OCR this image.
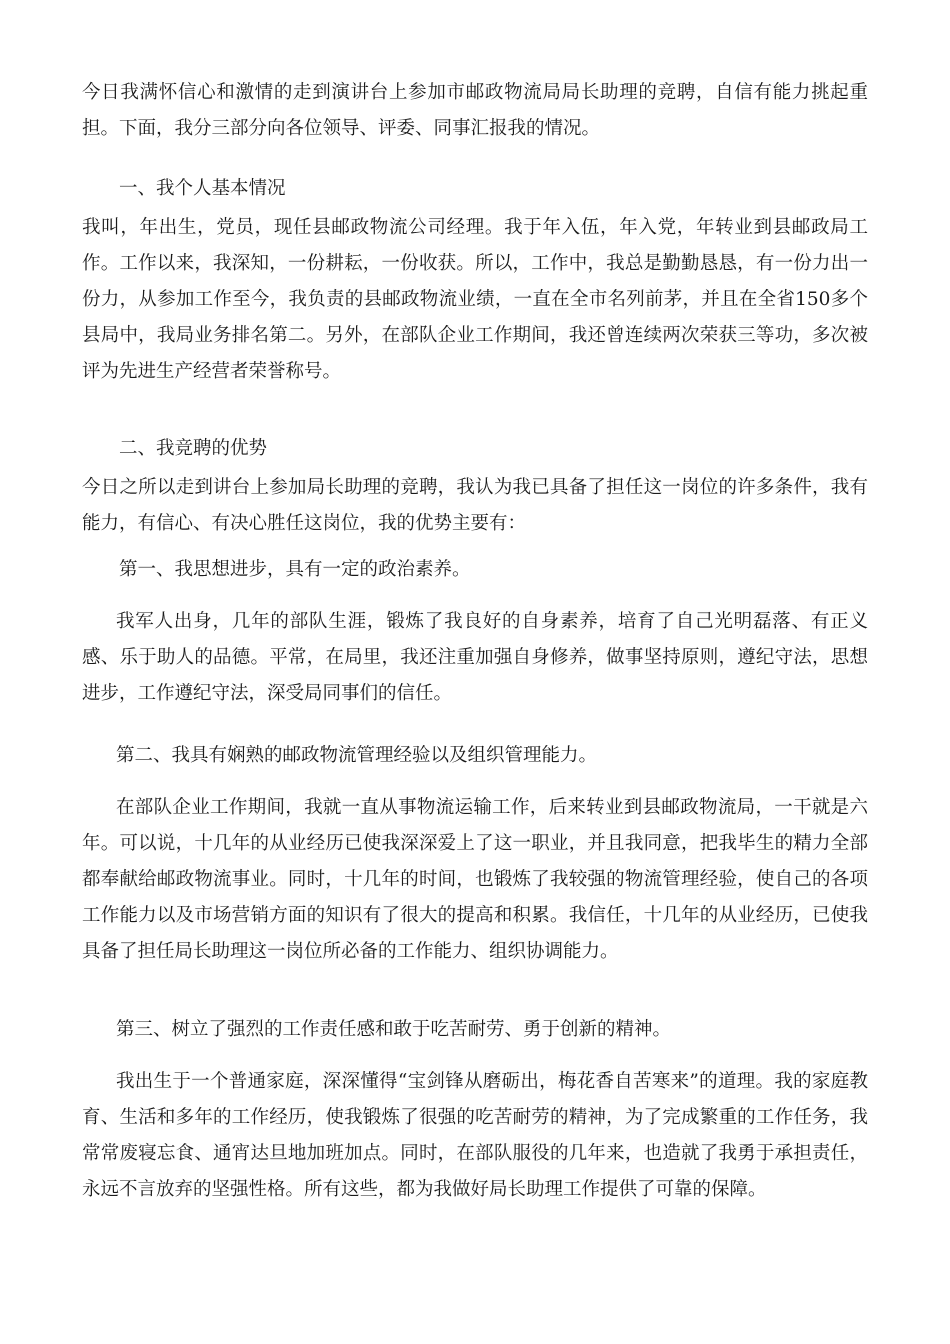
今日我满怀信心和激情的走到演讲台上参加市邮政物流局局长助理的竞聘，自信有能力挑起重担。下面，我分三部分向各位领导、评委、同事汇报我的情况。

一、我个人基本情况

我叫，年出生，党员，现任县邮政物流公司经理。我于年入伍，年入党，年转业到县邮政局工作。工作以来，我深知，一份耕耘，一份收获。所以，工作中，我总是勤勤恳恳，有一份力出一份力，从参加工作至今，我负责的县邮政物流业绩，一直在全市名列前茅，并且在全省150多个县局中，我局业务排名第二。另外，在部队企业工作期间，我还曾连续两次荣获三等功，多次被评为先进生产经营者荣誉称号。

二、我竞聘的优势

今日之所以走到讲台上参加局长助理的竞聘，我认为我已具备了担任这一岗位的许多条件，我有能力，有信心、有决心胜任这岗位，我的优势主要有：

第一、我思想进步，具有一定的政治素养。

我军人出身，几年的部队生涯，锻炼了我良好的自身素养，培育了自己光明磊落、有正义感、乐于助人的品德。平常，在局里，我还注重加强自身修养，做事坚持原则，遵纪守法，思想进步，工作遵纪守法，深受局同事们的信任。

第二、我具有娴熟的邮政物流管理经验以及组织管理能力。

在部队企业工作期间，我就一直从事物流运输工作，后来转业到县邮政物流局，一干就是六年。可以说，十几年的从业经历已使我深深爱上了这一职业，并且我同意，把我毕生的精力全部都奉献给邮政物流事业。同时，十几年的时间，也锻炼了我较强的物流管理经验，使自己的各项工作能力以及市场营销方面的知识有了很大的提高和积累。我信任，十几年的从业经历，已使我具备了担任局长助理这一岗位所必备的工作能力、组织协调能力。

第三、树立了强烈的工作责任感和敢于吃苦耐劳、勇于创新的精神。

我出生于一个普通家庭，深深懂得“宝剑锋从磨砺出，梅花香自苦寒来”的道理。我的家庭教育、生活和多年的工作经历，使我锻炼了很强的吃苦耐劳的精神，为了完成繁重的工作任务，我常常废寝忘食、通宵达旦地加班加点。同时，在部队服役的几年来，也造就了我勇于承担责任，永远不言放弃的坚强性格。所有这些，都为我做好局长助理工作提供了可靠的保障。
